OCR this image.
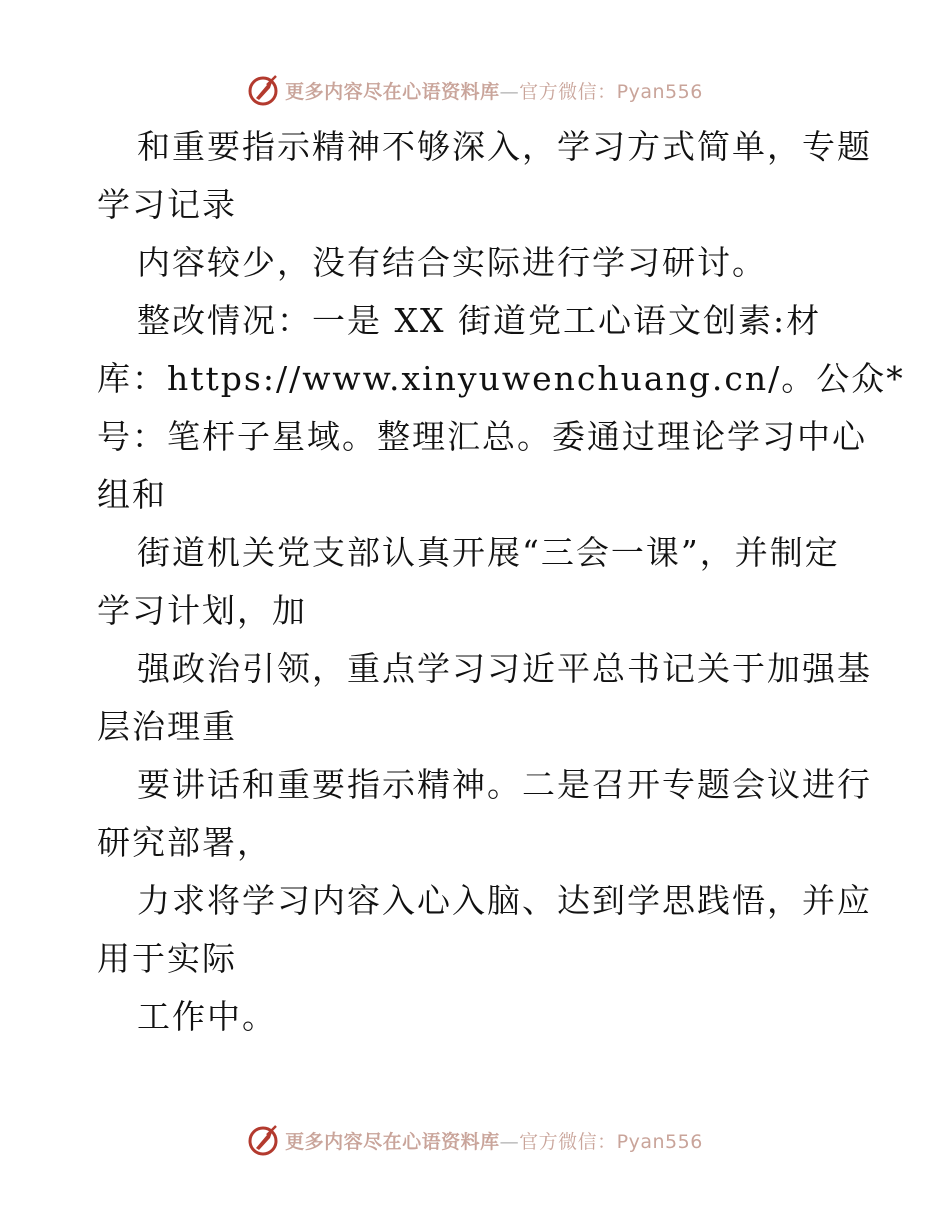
更多内容尽在心语资料库—官方微信：Pyan556
和重要指示精神不够深入，学习方式简单，专题
学习记录
内容较少，没有结合实际进行学习研讨。
整改情况：一是 XX 街道党工心语文创素:材
库：https://www.xinyuwenchuang.cn/。公众*
号：笔杆子星域。整理汇总。委通过理论学习中心
组和
街道机关党支部认真开展“三会一课”，并制定
学习计划，加
强政治引领，重点学习习近平总书记关于加强基
层治理重
要讲话和重要指示精神。二是召开专题会议进行
研究部署，
力求将学习内容入心入脑、达到学思践悟，并应
用于实际
工作中。
更多内容尽在心语资料库—官方微信：Pyan556
